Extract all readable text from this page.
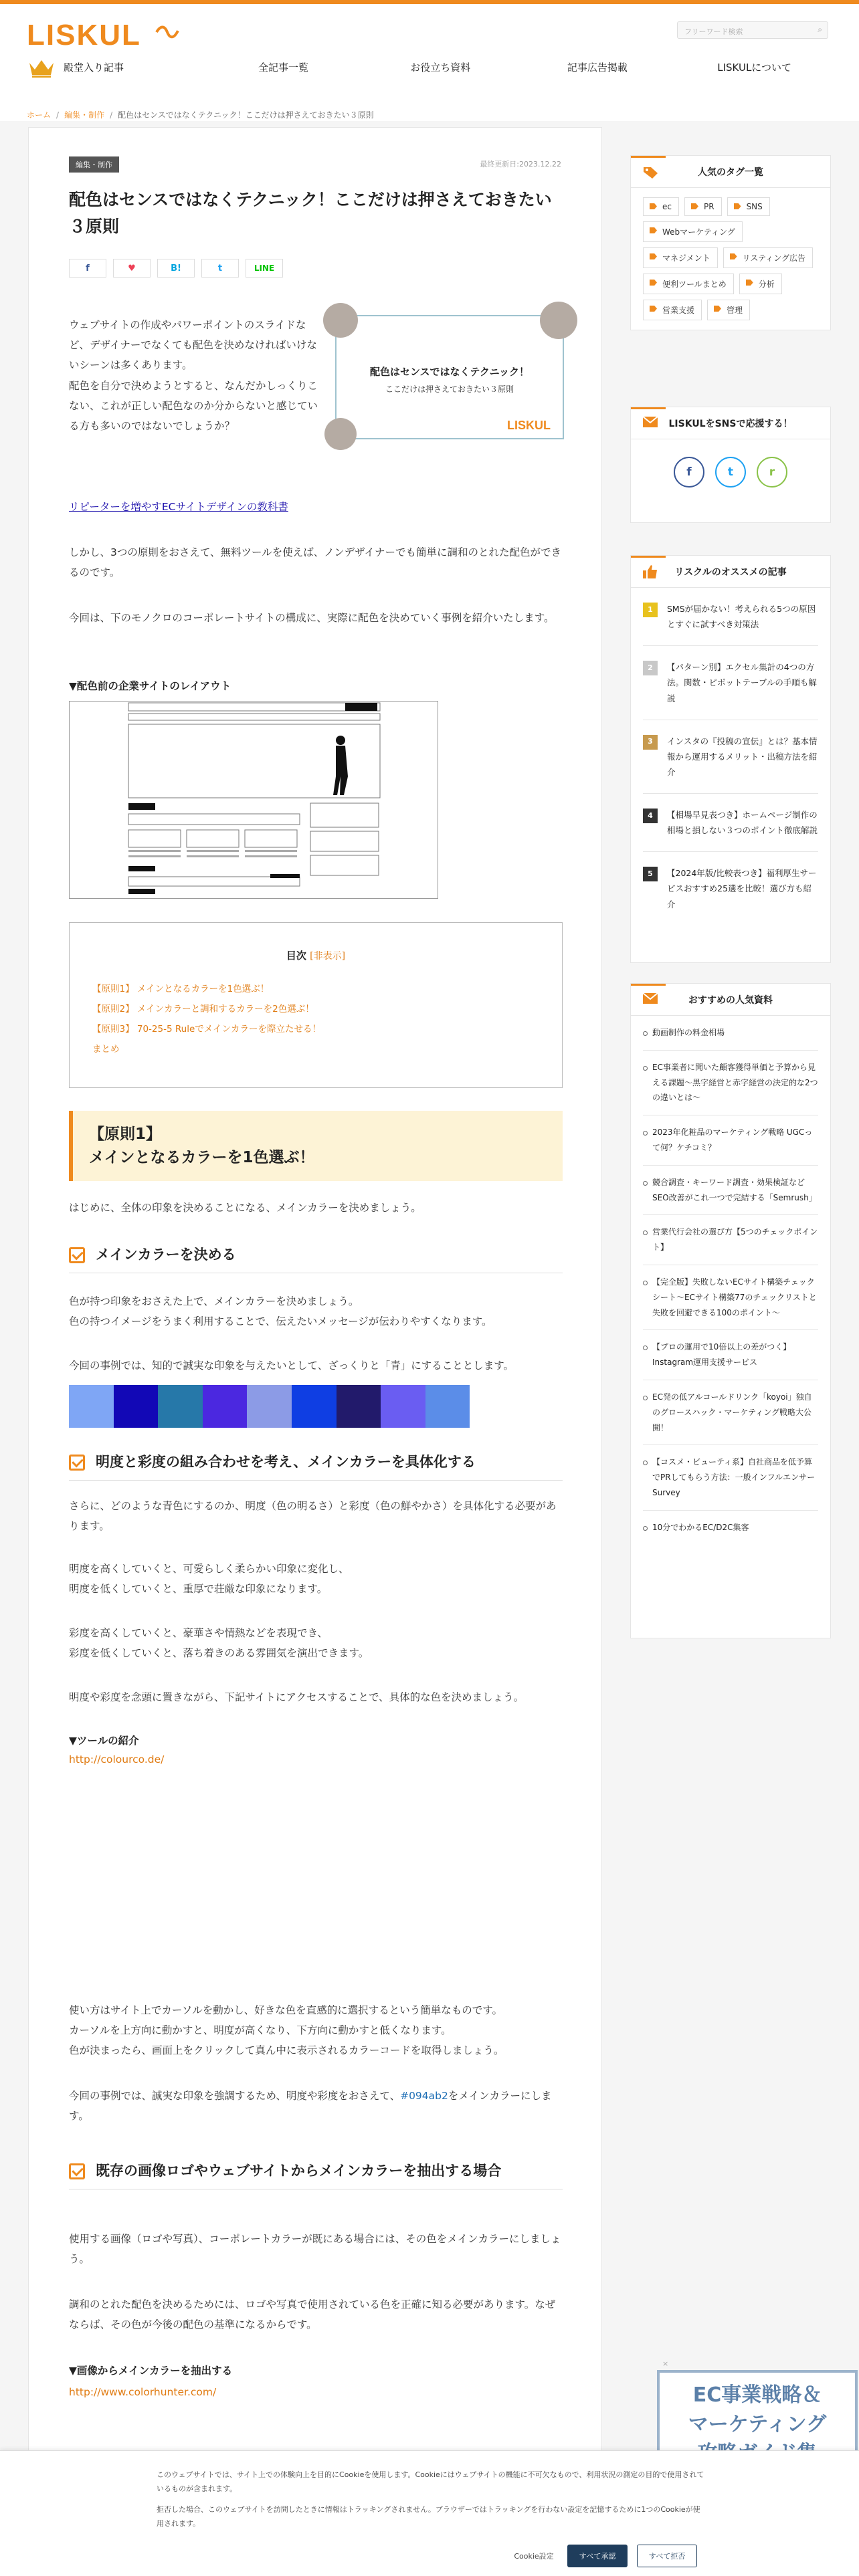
LISKUL	フリーワード検索	⌕
殿堂入り記事	全記事一覧	お役立ち資料	記事広告掲載	LISKULについて
ホーム / 編集・制作 / 配色はセンスではなくテクニック！ここだけは押さえておきたい３原則
編集・制作	最終更新日:2023.12.22
配色はセンスではなくテクニック！ここだけは押さえておきたい３原則
f	♥	B!	t	LINE
ウェブサイトの作成やパワーポイントのスライドなど、デザイナーでなくても配色を決めなければいけないシーンは多くあります。
配色を自分で決めようとすると、なんだかしっくりこない、これが正しい配色なのか分からないと感じている方も多いのではないでしょうか？
配色はセンスではなくテクニック！
ここだけは押さえておきたい３原則
LISKUL
リピーターを増やすECサイトデザインの教科書
しかし、3つの原則をおさえて、無料ツールを使えば、ノンデザイナーでも簡単に調和のとれた配色ができるのです。
今回は、下のモノクロのコーポレートサイトの構成に、実際に配色を決めていく事例を紹介いたします。
▼配色前の企業サイトのレイアウト
目次 [非表示]
【原則1】 メインとなるカラーを1色選ぶ！
【原則2】 メインカラーと調和するカラーを2色選ぶ！
【原則3】 70-25-5 Ruleでメインカラーを際立たせる！
まとめ
【原則1】
メインとなるカラーを1色選ぶ！
はじめに、全体の印象を決めることになる、メインカラーを決めましょう。
メインカラーを決める
色が持つ印象をおさえた上で、メインカラーを決めましょう。
色の持つイメージをうまく利用することで、伝えたいメッセージが伝わりやすくなります。
今回の事例では、知的で誠実な印象を与えたいとして、ざっくりと「青」にすることとします。
明度と彩度の組み合わせを考え、メインカラーを具体化する
さらに、どのような青色にするのか、明度（色の明るさ）と彩度（色の鮮やかさ）を具体化する必要があります。
明度を高くしていくと、可愛らしく柔らかい印象に変化し、
明度を低くしていくと、重厚で荘厳な印象になります。
彩度を高くしていくと、豪華さや情熱などを表現でき、
彩度を低くしていくと、落ち着きのある雰囲気を演出できます。
明度や彩度を念頭に置きながら、下記サイトにアクセスすることで、具体的な色を決めましょう。
▼ツールの紹介
http://colourco.de/
使い方はサイト上でカーソルを動かし、好きな色を直感的に選択するという簡単なものです。
カーソルを上方向に動かすと、明度が高くなり、下方向に動かすと低くなります。
色が決まったら、画面上をクリックして真ん中に表示されるカラーコードを取得しましょう。
今回の事例では、誠実な印象を強調するため、明度や彩度をおさえて、#094ab2をメインカラーにします。
既存の画像ロゴやウェブサイトからメインカラーを抽出する場合
使用する画像（ロゴや写真）、コーポレートカラーが既にある場合には、その色をメインカラーにしましょう。
調和のとれた配色を決めるためには、ロゴや写真で使用されている色を正確に知る必要があります。なぜならば、その色が今後の配色の基準になるからです。
▼画像からメインカラーを抽出する
http://www.colorhunter.com/
人気のタグ一覧
ec	PR	SNS
Webマーケティング
マネジメント	リスティング広告
便利ツールまとめ	分析
営業支援	管理
LISKULをSNSで応援する！
f	t	r
リスクルのオススメの記事
1	SMSが届かない！考えられる5つの原因とすぐに試すべき対策法
2	【パターン別】エクセル集計の4つの方法。関数・ピボットテーブルの手順も解説
3	インスタの『投稿の宣伝』とは？基本情報から運用するメリット・出稿方法を紹介
4	【相場早見表つき】ホームページ制作の相場と損しない３つのポイント徹底解説
5	【2024年版/比較表つき】福利厚生サービスおすすめ25選を比較！選び方も紹介
おすすめの人気資料
動画制作の料金相場
EC事業者に聞いた顧客獲得単価と予算から見える課題〜黒字経営と赤字経営の決定的な2つの違いとは〜
2023年化粧品のマーケティング戦略 UGCって何？ケチコミ？
競合調査・キーワード調査・効果検証などSEO改善がこれ一つで完結する「Semrush」
営業代行会社の選び方【5つのチェックポイント】
【完全版】失敗しないECサイト構築チェックシート〜ECサイト構築77のチェックリストと失敗を回避できる100のポイント〜
【プロの運用で10倍以上の差がつく】Instagram運用支援サービス
EC発の低アルコールドリンク「koyoi」独自のグロースハック・マーケティング戦略大公開！
【コスメ・ビューティ系】自社商品を低予算でPRしてもらう方法：一般インフルエンサーSurvey
10分でわかるEC/D2C集客
×
EC事業戦略＆
マーケティング
このウェブサイトでは、サイト上での体験向上を目的にCookieを使用します。Cookieにはウェブサイトの機能に不可欠なもので、利用状況の測定の目的で使用されているものが含まれます。
拒否した場合、このウェブサイトを訪問したときに情報はトラッキングされません。ブラウザーではトラッキングを行わない設定を記憶するために1つのCookieが使用されます。
Cookie設定	すべて承認	すべて拒否
